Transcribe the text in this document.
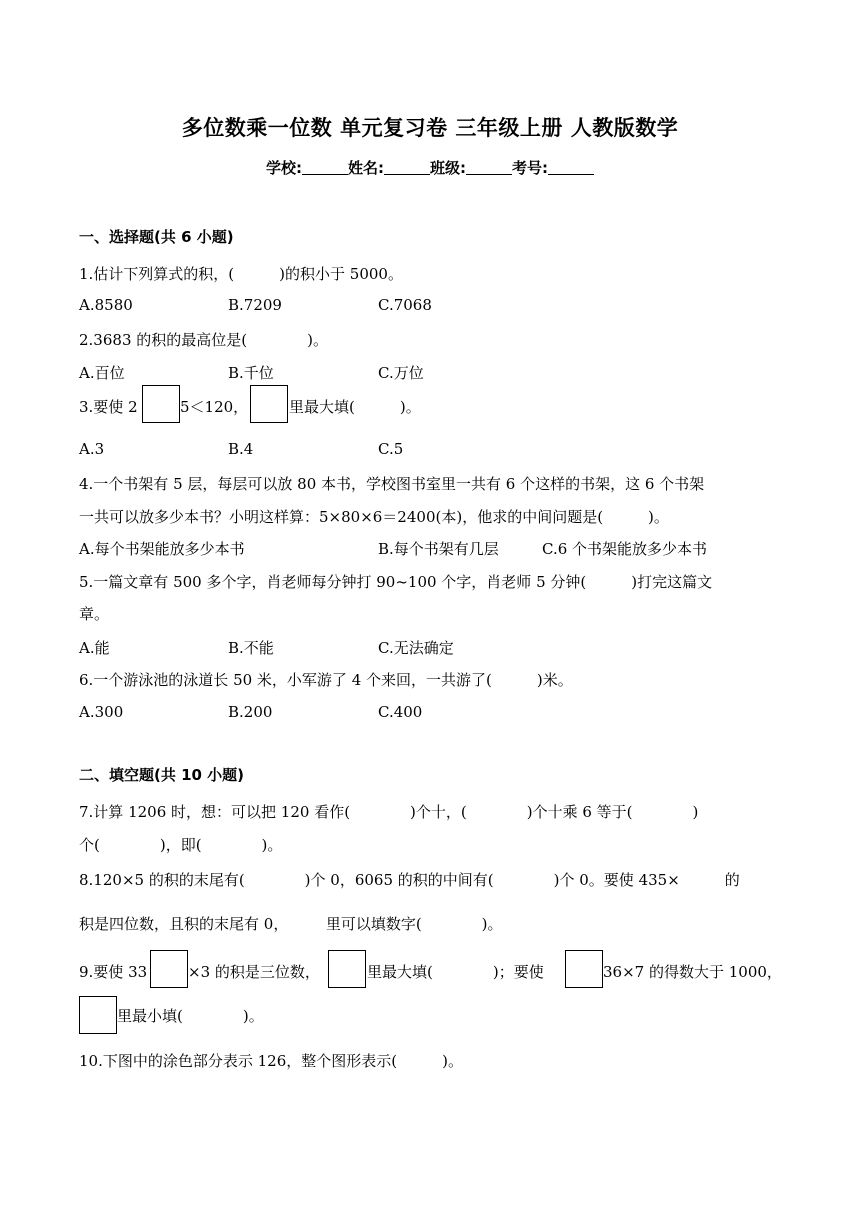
多位数乘一位数 单元复习卷 三年级上册 人教版数学
学校:	姓名:	班级:	考号:
一、选择题(共 6 小题)
1.估计下列算式的积，(　　　)的积小于 5000。
A.8580	B.7209	C.7068
2.3683 的积的最高位是(　　　　)。
A.百位	B.千位	C.万位
3.要使 2	5＜120，	里最大填(　　　)。
A.3	B.4	C.5
4.一个书架有 5 层，每层可以放 80 本书，学校图书室里一共有 6 个这样的书架，这 6 个书架
一共可以放多少本书？小明这样算：5×80×6＝2400(本)，他求的中间问题是(　　　)。
A.每个书架能放多少本书	B.每个书架有几层	C.6 个书架能放多少本书
5.一篇文章有 500 多个字，肖老师每分钟打 90~100 个字，肖老师 5 分钟(　　　)打完这篇文
章。
A.能	B.不能	C.无法确定
6.一个游泳池的泳道长 50 米，小军游了 4 个来回，一共游了(　　　)米。
A.300	B.200	C.400
二、填空题(共 10 小题)
7.计算 1206 时，想：可以把 120 看作(　　　　)个十，(　　　　)个十乘 6 等于(　　　　)
个(　　　　)，即(　　　　)。
8.120×5 的积的末尾有(　　　　)个 0，6065 的积的中间有(　　　　)个 0。要使 435×　　　的
积是四位数，且积的末尾有 0，　　　里可以填数字(　　　　)。
9.要使 33	×3 的积是三位数，	里最大填(　　　　)；要使	36×7 的得数大于 1000，
里最小填(　　　　)。
10.下图中的涂色部分表示 126，整个图形表示(　　　)。
